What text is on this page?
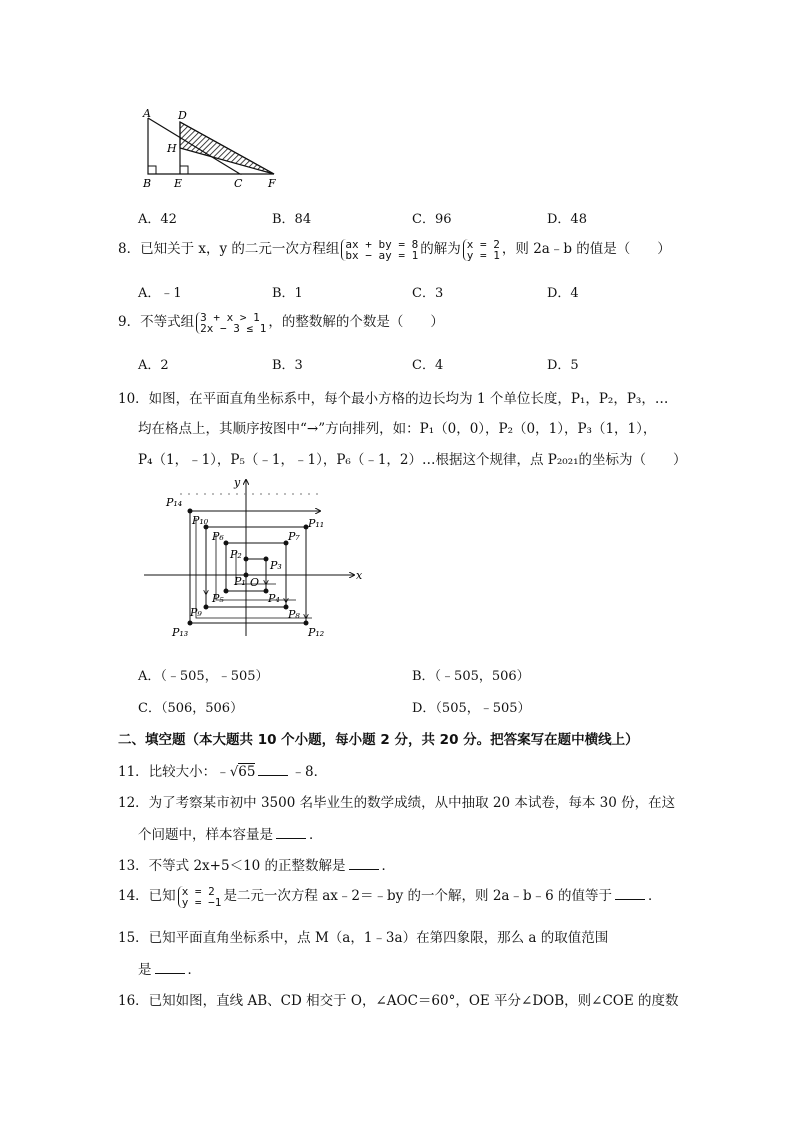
A D
H
B E	C F
A．42	B．84	C．96	D．48
8．已知关于 x，y 的二元一次方程组 ax + by = 8
bx − ay = 1 的解为 x = 2
y = 1 ，则 2a﹣b 的值是（　　）
A．﹣1	B．1	C．3	D．4
9．不等式组 3 + x > 1
2x − 3 ≤ 1 ，的整数解的个数是（　　）
A．2	B．3	C．4	D．5
10．如图，在平面直角坐标系中，每个最小方格的边长均为 1 个单位长度，P₁，P₂，P₃，…
均在格点上，其顺序按图中“→”方向排列，如：P₁（0，0），P₂（0，1），P₃（1，1），
P₄（1，﹣1），P₅（﹣1，﹣1），P₆（﹣1，2）…根据这个规律，点 P₂₀₂₁的坐标为（　　）
x
y
O
P₁
P₂
P₃
P₄
P₅
P₆	P₇
P₈
P₉
P₁₀	P₁₁
P₁₂
P₁₃
P₁₄
A．（﹣505，﹣505）	B．（﹣505，506）
C．（506，506）	D．（505，﹣505）
二、填空题（本大题共 10 个小题，每小题 2 分，共 20 分。把答案写在题中横线上）
11．比较大小：﹣√65	﹣8．
12．为了考察某市初中 3500 名毕业生的数学成绩，从中抽取 20 本试卷，每本 30 份，在这
个问题中，样本容量是	．
13．不等式 2x+5＜10 的正整数解是	．
14．已知 x = 2
y = −1 是二元一次方程 ax﹣2＝﹣by 的一个解，则 2a﹣b﹣6 的值等于	．
15．已知平面直角坐标系中，点 M（a，1﹣3a）在第四象限，那么 a 的取值范围
是	．
16．已知如图，直线 AB、CD 相交于 O，∠AOC＝60°，OE 平分∠DOB，则∠COE 的度数
